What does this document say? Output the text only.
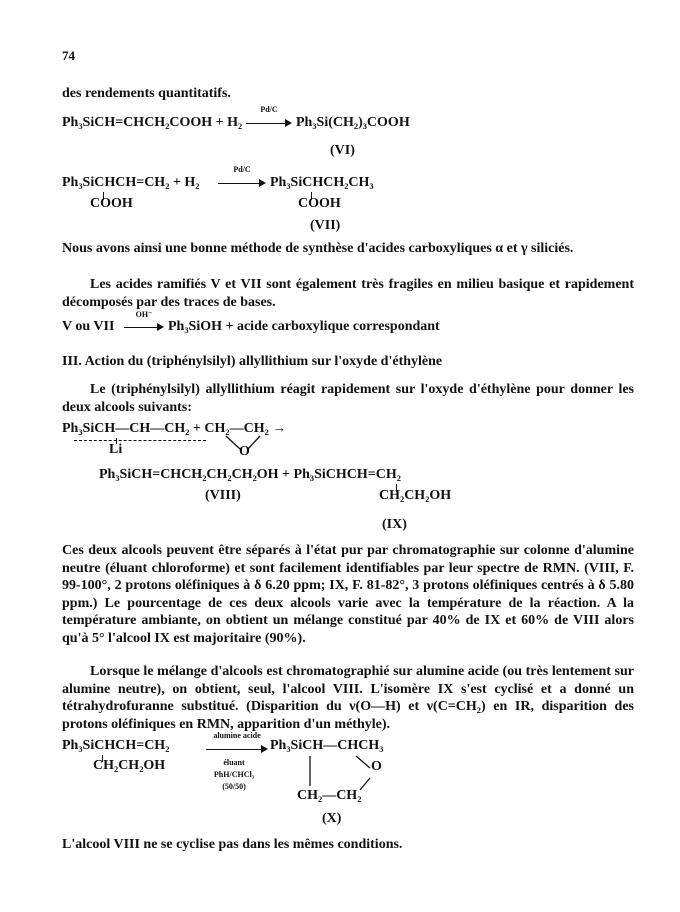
74
des rendements quantitatifs.
Ph₃SiCH=CHCH₂COOH + H₂
Pd/C
Ph₃Si(CH₂)₃COOH
(VI)
Ph₃SiCHCH=CH₂ + H₂
COOH
Pd/C
Ph₃SiCHCH₂CH₃
COOH
(VII)
Nous avons ainsi une bonne méthode de synthèse d'acides carboxyliques α et γ siliciés.
Les acides ramifiés V et VII sont également très fragiles en milieu basique et rapidement décomposés par des traces de bases.
V ou VII
OH⁻
Ph₃SiOH + acide carboxylique correspondant
III. Action du (triphénylsilyl) allyllithium sur l'oxyde d'éthylène
Le (triphénylsilyl) allyllithium réagit rapidement sur l'oxyde d'éthylène pour donner les deux alcools suivants:
Ph₃SiCH—CH—CH₂ + CH₂—CH₂ →
Li	O
Ph₃SiCH=CHCH₂CH₂CH₂OH + Ph₃SiCHCH=CH₂
CH₂CH₂OH
(VIII)
(IX)
Ces deux alcools peuvent être séparés à l'état pur par chromatographie sur colonne d'alumine neutre (éluant chloroforme) et sont facilement identifiables par leur spectre de RMN. (VIII, F. 99-100°, 2 protons oléfiniques à δ 6.20 ppm; IX, F. 81-82°, 3 protons oléfiniques centrés à δ 5.80 ppm.) Le pourcentage de ces deux alcools varie avec la température de la réaction. A la température ambiante, on obtient un mélange constitué par 40% de IX et 60% de VIII alors qu'à 5° l'alcool IX est majoritaire (90%).
Lorsque le mélange d'alcools est chromatographié sur alumine acide (ou très lentement sur alumine neutre), on obtient, seul, l'alcool VIII. L'isomère IX s'est cyclisé et a donné un tétrahydrofuranne substitué. (Disparition du ν(O—H) et ν(C=CH₂) en IR, disparition des protons oléfiniques en RMN, apparition d'un méthyle).
Ph₃SiCHCH=CH₂
CH₂CH₂OH
alumine acide
éluant
PhH/CHCl₃
(50/50)
Ph₃SiCH—CHCH₃
O
CH₂—CH₂
(X)
L'alcool VIII ne se cyclise pas dans les mêmes conditions.
